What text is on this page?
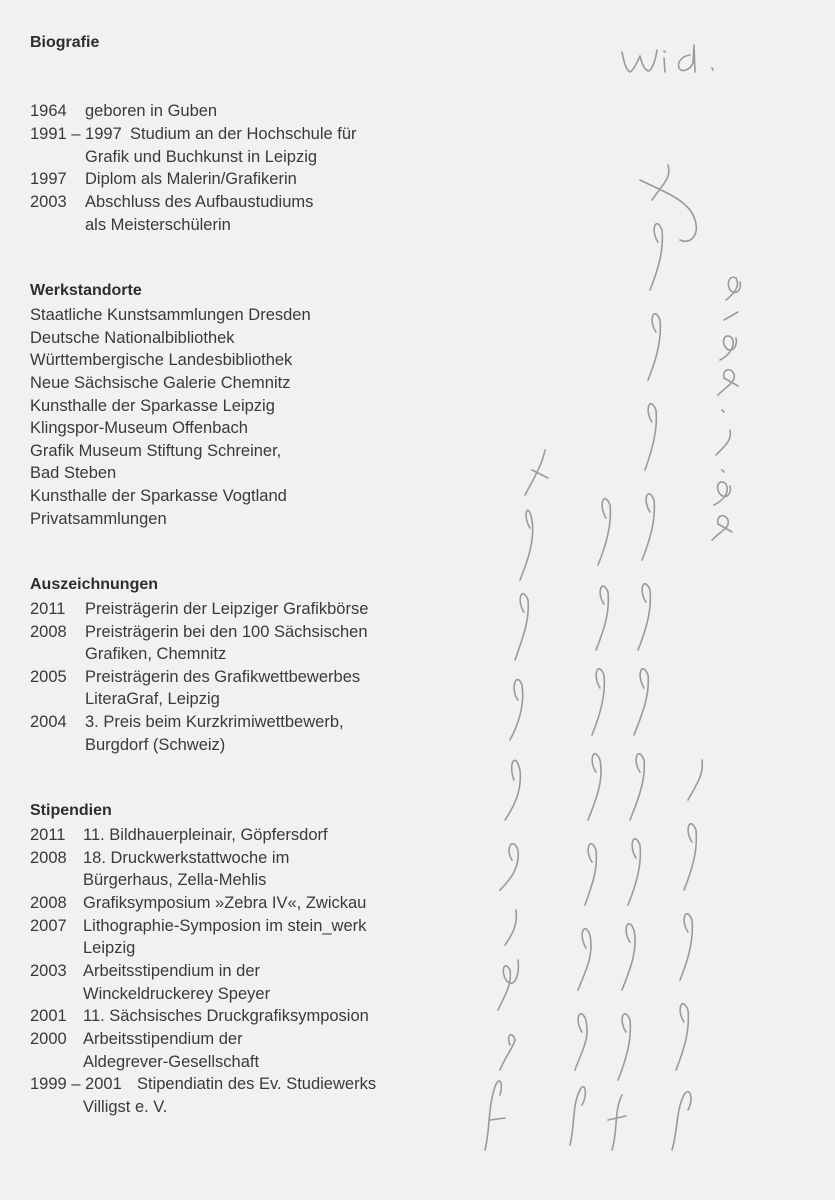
Biografie
1964 geboren in Guben
1991 – 1997 Studium an der Hochschule für
Grafik und Buchkunst in Leipzig
1997 Diplom als Malerin/Grafikerin
2003 Abschluss des Aufbaustudiums
als Meisterschülerin
Werkstandorte
Staatliche Kunstsammlungen Dresden
Deutsche Nationalbibliothek
Württembergische Landesbibliothek
Neue Sächsische Galerie Chemnitz
Kunsthalle der Sparkasse Leipzig
Klingspor-Museum Offenbach
Grafik Museum Stiftung Schreiner,
Bad Steben
Kunsthalle der Sparkasse Vogtland
Privatsammlungen
Auszeichnungen
2011 Preisträgerin der Leipziger Grafikbörse
2008 Preisträgerin bei den 100 Sächsischen
Grafiken, Chemnitz
2005 Preisträgerin des Grafikwettbewerbes
LiteraGraf, Leipzig
2004 3. Preis beim Kurzkrimiwettbewerb,
Burgdorf (Schweiz)
Stipendien
2011 11. Bildhauerpleinair, Göpfersdorf
2008 18. Druckwerkstattwoche im
Bürgerhaus, Zella-Mehlis
2008 Grafiksymposium »Zebra IV«, Zwickau
2007 Lithographie-Symposion im stein_werk
Leipzig
2003 Arbeitsstipendium in der
Winckeldruckerey Speyer
2001 11. Sächsisches Druckgrafiksymposion
2000 Arbeitsstipendium der
Aldegrever-Gesellschaft
1999 – 2001 Stipendiatin des Ev. Studiewerks
Villigst e. V.
